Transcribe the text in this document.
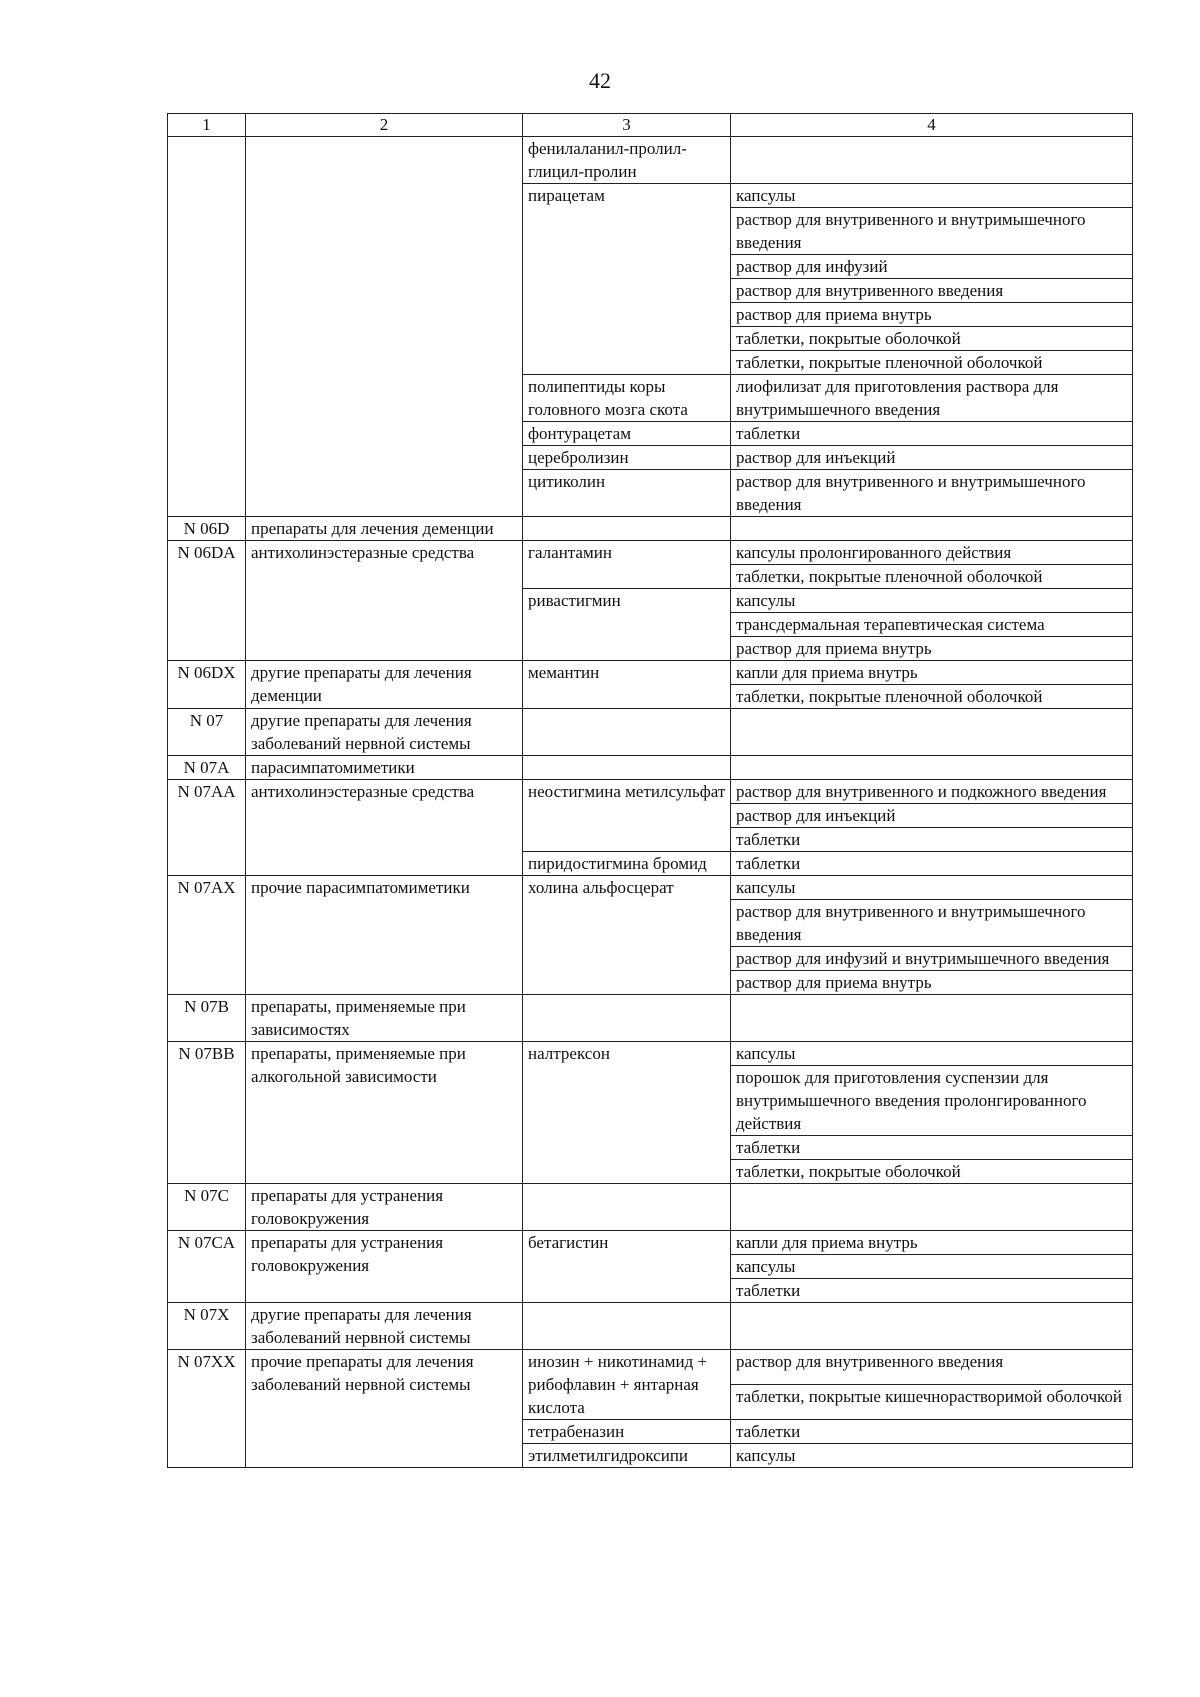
42
1	2	3	4
		фенилаланил-пролил-глицил-пролин	
		пирацетам	капсулы
			раствор для внутривенного и внутримышечного введения
			раствор для инфузий
			раствор для внутривенного введения
			раствор для приема внутрь
			таблетки, покрытые оболочкой
			таблетки, покрытые пленочной оболочкой
		полипептиды коры головного мозга скота	лиофилизат для приготовления раствора для внутримышечного введения
		фонтурацетам	таблетки
		церебролизин	раствор для инъекций
		цитиколин	раствор для внутривенного и внутримышечного введения
N 06D	препараты для лечения деменции		
N 06DA	антихолинэстеразные средства	галантамин	капсулы пролонгированного действия
			таблетки, покрытые пленочной оболочкой
		ривастигмин	капсулы
			трансдермальная терапевтическая система
			раствор для приема внутрь
N 06DX	другие препараты для лечения деменции	мемантин	капли для приема внутрь
			таблетки, покрытые пленочной оболочкой
N 07	другие препараты для лечения заболеваний нервной системы		
N 07A	парасимпатомиметики		
N 07AA	антихолинэстеразные средства	неостигмина метилсульфат	раствор для внутривенного и подкожного введения
			раствор для инъекций
			таблетки
		пиридостигмина бромид	таблетки
N 07AX	прочие парасимпатомиметики	холина альфосцерат	капсулы
			раствор для внутривенного и внутримышечного введения
			раствор для инфузий и внутримышечного введения
			раствор для приема внутрь
N 07B	препараты, применяемые при зависимостях		
N 07BB	препараты, применяемые при алкогольной зависимости	налтрексон	капсулы
			порошок для приготовления суспензии для внутримышечного введения пролонгированного действия
			таблетки
			таблетки, покрытые оболочкой
N 07C	препараты для устранения головокружения		
N 07CA	препараты для устранения головокружения	бетагистин	капли для приема внутрь
			капсулы
			таблетки
N 07X	другие препараты для лечения заболеваний нервной системы		
N 07XX	прочие препараты для лечения заболеваний нервной системы	инозин + никотинамид + рибофлавин + янтарная кислота	раствор для внутривенного введения
			таблетки, покрытые кишечнорастворимой оболочкой
		тетрабеназин	таблетки
		этилметилгидроксипи	капсулы
